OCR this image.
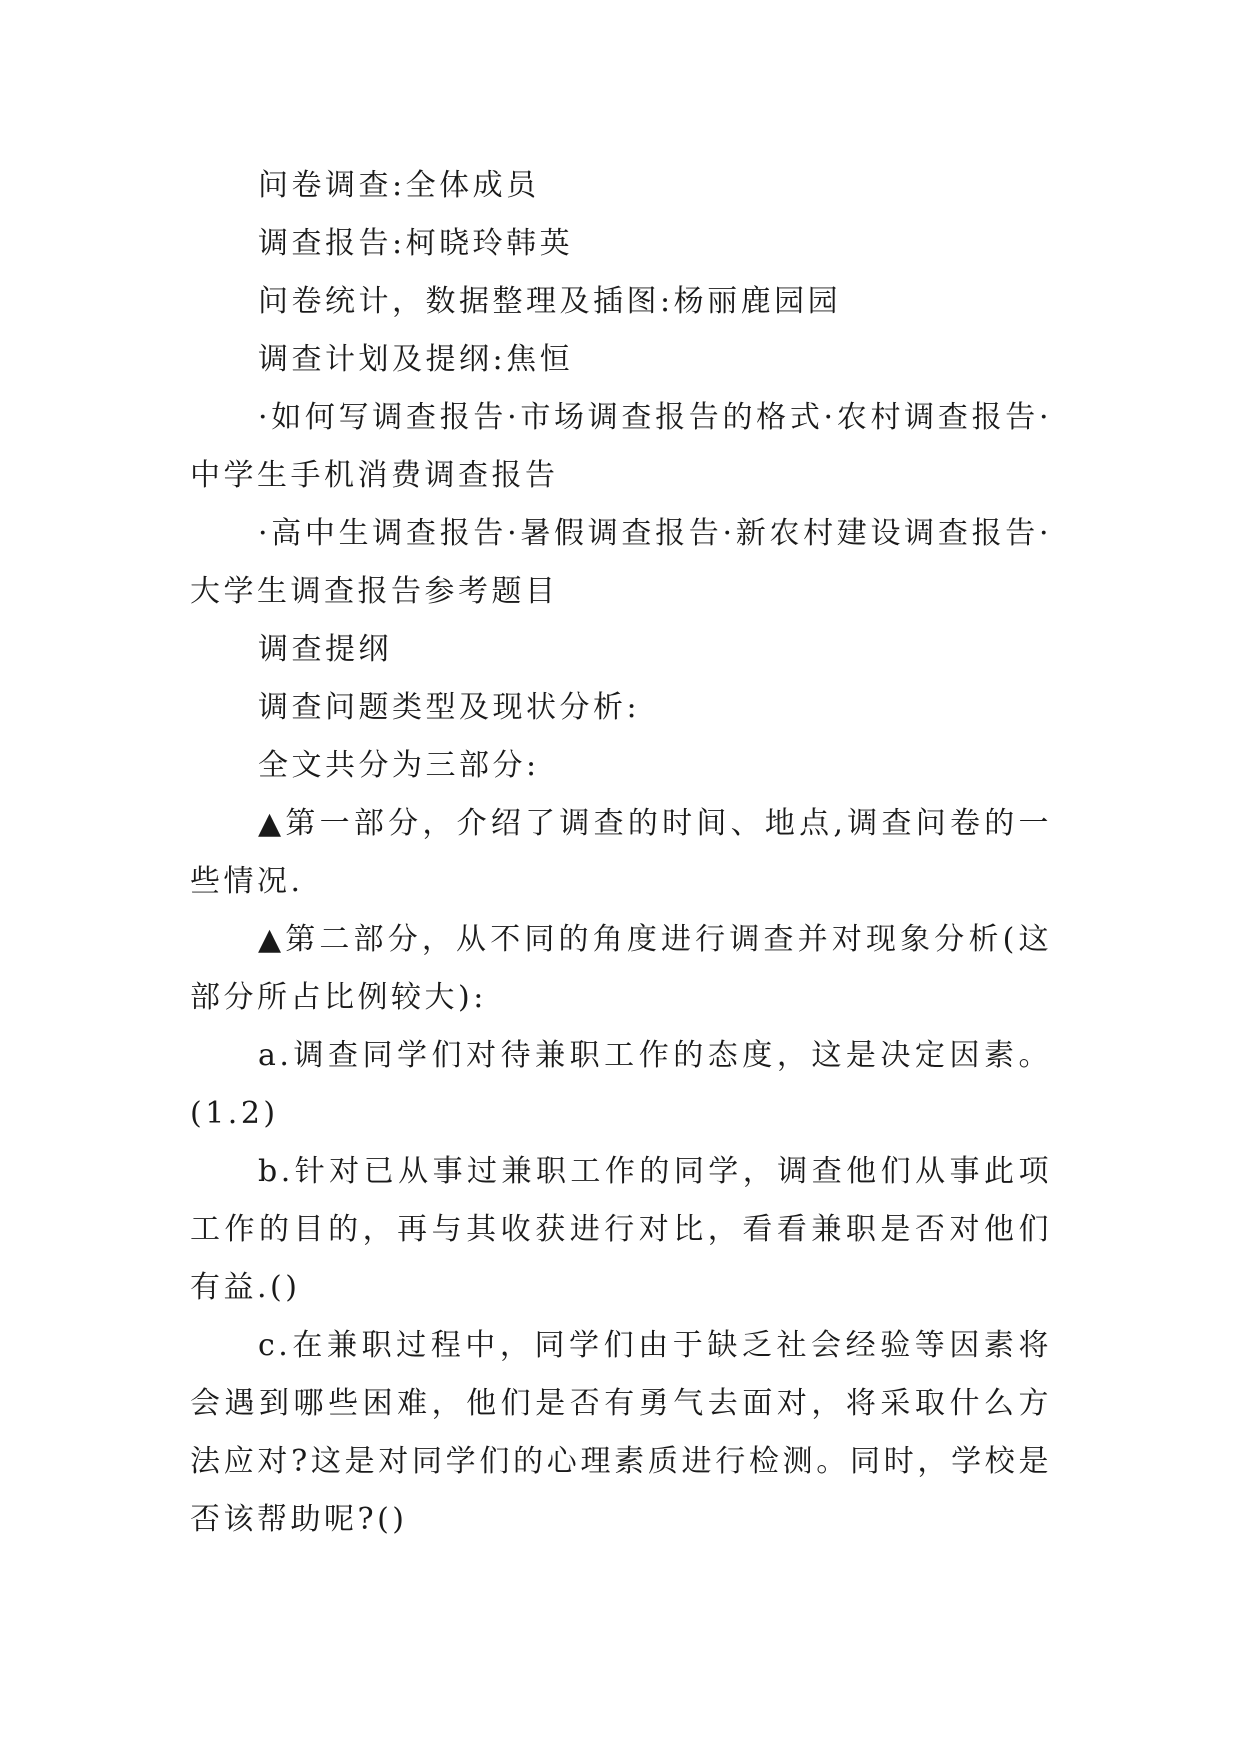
问卷调查:全体成员

调查报告:柯晓玲韩英

问卷统计，数据整理及插图:杨丽鹿园园

调查计划及提纲:焦恒

·如何写调查报告·市场调查报告的格式·农村调查报告·中学生手机消费调查报告

·高中生调查报告·暑假调查报告·新农村建设调查报告·大学生调查报告参考题目

调查提纲

调查问题类型及现状分析:

全文共分为三部分:

▲第一部分，介绍了调查的时间、地点,调查问卷的一些情况.

▲第二部分，从不同的角度进行调查并对现象分析(这部分所占比例较大):

a.调查同学们对待兼职工作的态度，这是决定因素。(1.2)

b.针对已从事过兼职工作的同学，调查他们从事此项工作的目的，再与其收获进行对比，看看兼职是否对他们有益.()

c.在兼职过程中，同学们由于缺乏社会经验等因素将会遇到哪些困难，他们是否有勇气去面对，将采取什么方法应对?这是对同学们的心理素质进行检测。同时，学校是否该帮助呢?()
